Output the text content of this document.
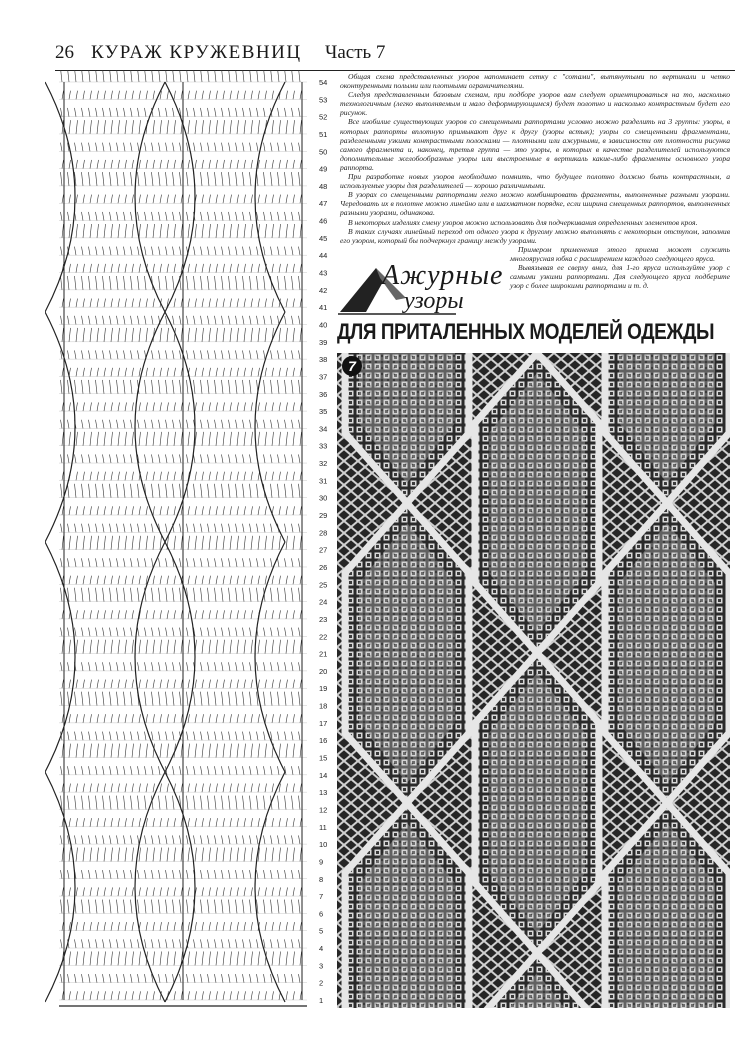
26 КУРАЖ КРУЖЕВНИЦ Часть 7
54
53
52
51
50
49
48
47
46
45
44
43
42
41
40
39
38
37
36
35
34
33
32
31
30
29
28
27
26
25
24
23
22
21
20
19
18
17
16
15
14
13
12
11
10
9
8
7
6
5
4
3
2
1

Общая схема представленных узоров напоминает сетку с "сотами", вытянутыми по вертикали и четко оконтуренными полыми или плотными ограничителями.

Следуя представленным базовым схемам, при подборе узоров вам следует ориентироваться на то, насколько технологичным (легко выполняемым и мало деформирующимся) будет полотно и насколько контрастным будет его рисунок.

Все изобилие существующих узоров со смещенными раппортами условно можно разделить на 3 группы: узоры, в которых раппорты вплотную примыкают друг к другу (узоры встык); узоры со смещенными фрагментами, разделенными узкими контрастными полосками — плотными или ажурными, в зависимости от плотности рисунка самого фрагмента и, наконец, третья группа — это узоры, в которых в качестве разделителей используются дополнительные желобообразные узоры или выстроенные в вертикаль какие-либо фрагменты основного узора раппорта.

При разработке новых узоров необходимо помнить, что будущее полотно должно быть контрастным, а используемые узоры для разделителей — хорошо различимыми.

В узорах со смещенными раппортами легко можно комбинировать фрагменты, выполненные разными узорами. Чередовать их в полотне можно линейно или в шахматном порядке, если ширина смещенных раппортов, выполненных разными узорами, одинакова.

В некоторых изделиях смену узоров можно использовать для подчеркивания определенных элементов кроя.

В таких случаях линейный переход от одного узора к другому можно выполнять с некоторым отступом, заполнив его узором, который бы подчеркнул границу между узорами.

Примером применения этого приема может служить многоярусная юбка с расширением каждого следующего яруса.

Вывязывая ее сверху вниз, для 1-го яруса используйте узор с самыми узкими раппортами. Для следующего яруса подберите узор с более широкими раппортами и т. д.

Ажурные
узоры
ДЛЯ ПРИТАЛЕННЫХ МОДЕЛЕЙ ОДЕЖДЫ
7
